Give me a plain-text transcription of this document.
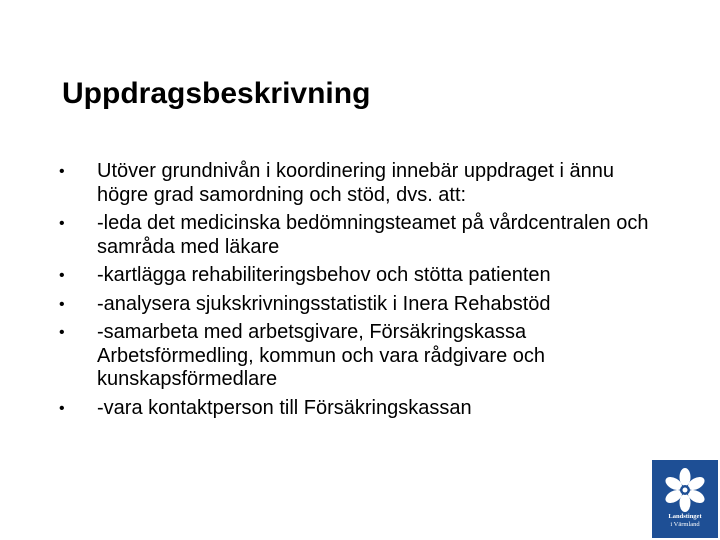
Uppdragsbeskrivning
• Utöver grundnivån i koordinering innebär uppdraget i ännu högre grad samordning och stöd, dvs. att:
• -leda det medicinska bedömningsteamet på vårdcentralen och samråda med läkare
• -kartlägga rehabiliteringsbehov och stötta patienten
• -analysera sjukskrivningsstatistik i Inera Rehabstöd
• -samarbeta med arbetsgivare, Försäkringskassa Arbetsförmedling, kommun och vara rådgivare och kunskapsförmedlare
• -vara kontaktperson till Försäkringskassan
Landstinget
i Värmland
